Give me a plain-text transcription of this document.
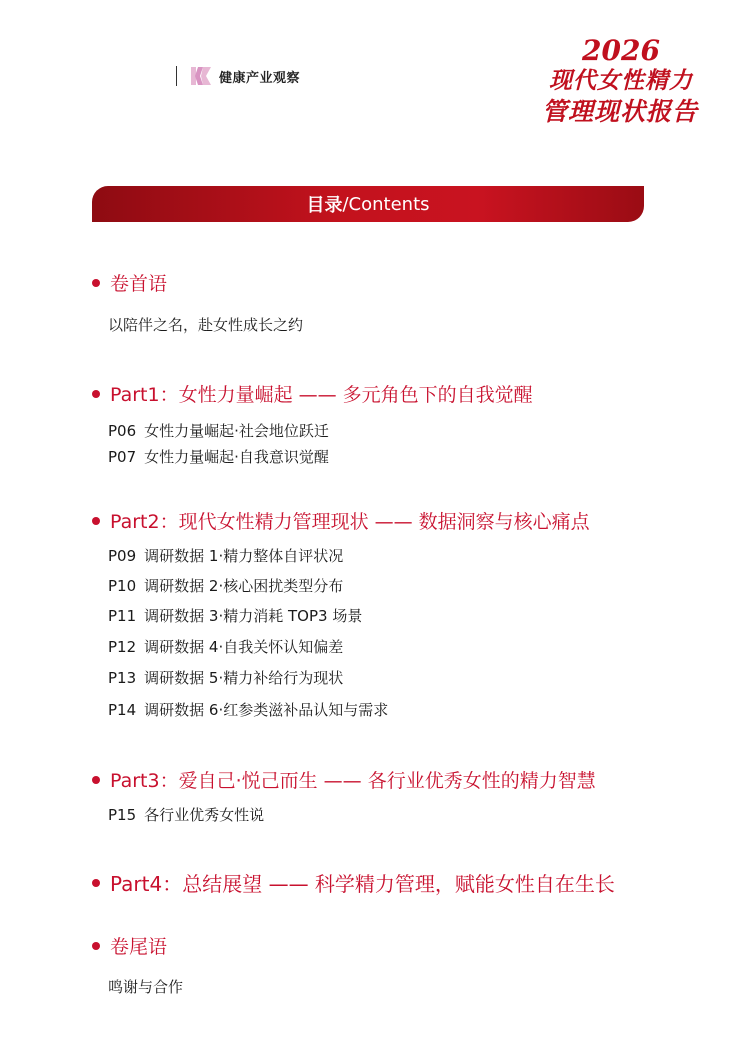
健康产业观察
2026
现代女性精力
管理现状报告
目录 /Contents
卷首语
以陪伴之名，赴女性成长之约
Part1：女性力量崛起 —— 多元角色下的自我觉醒
P06 女性力量崛起·社会地位跃迁
P07 女性力量崛起·自我意识觉醒
Part2：现代女性精力管理现状 —— 数据洞察与核心痛点
P09 调研数据 1·精力整体自评状况
P10 调研数据 2·核心困扰类型分布
P11 调研数据 3·精力消耗 TOP3 场景
P12 调研数据 4·自我关怀认知偏差
P13 调研数据 5·精力补给行为现状
P14 调研数据 6·红参类滋补品认知与需求
Part3：爱自己·悦己而生 —— 各行业优秀女性的精力智慧
P15 各行业优秀女性说
Part4：总结展望 —— 科学精力管理，赋能女性自在生长
卷尾语
鸣谢与合作
